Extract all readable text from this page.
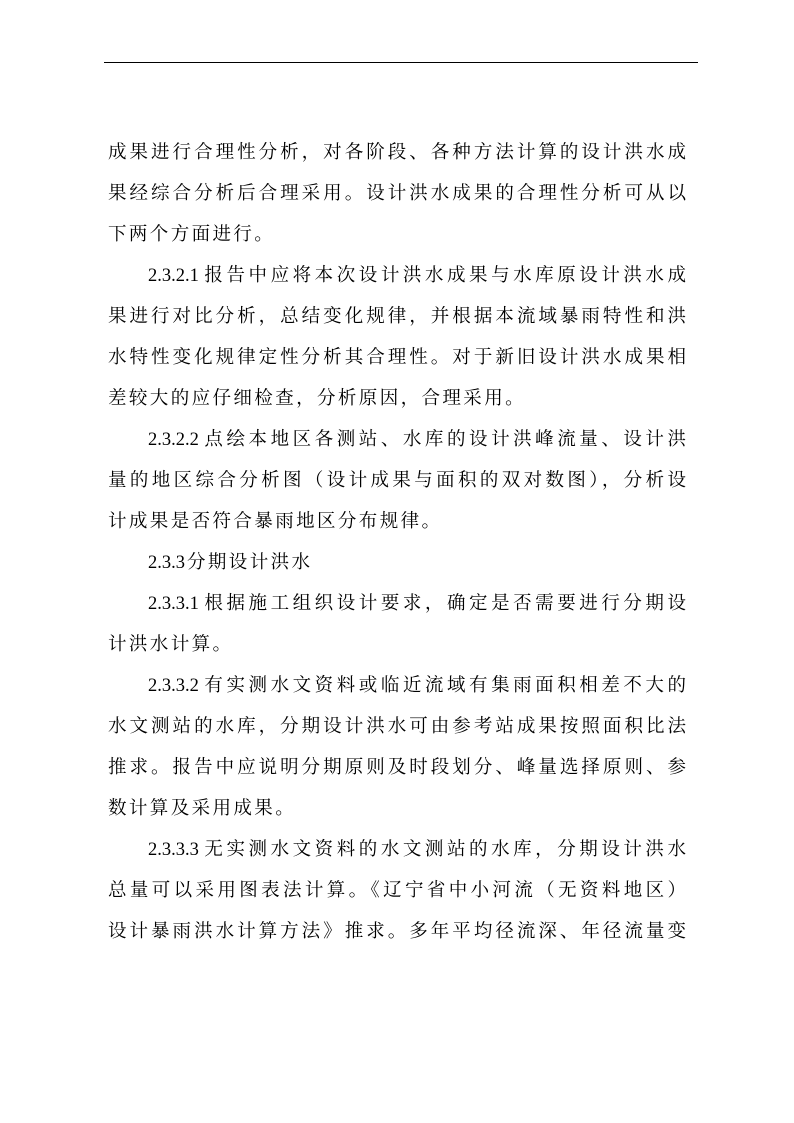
成果进行合理性分析，对各阶段、各种方法计算的设计洪水成
果经综合分析后合理采用。设计洪水成果的合理性分析可从以
下两个方面进行。
2.3.2.1 报告中应将本次设计洪水成果与水库原设计洪水成
果进行对比分析，总结变化规律，并根据本流域暴雨特性和洪
水特性变化规律定性分析其合理性。对于新旧设计洪水成果相
差较大的应仔细检查，分析原因，合理采用。
2.3.2.2 点绘本地区各测站、水库的设计洪峰流量、设计洪
量的地区综合分析图（设计成果与面积的双对数图），分析设
计成果是否符合暴雨地区分布规律。
2.3.3 分期设计洪水
2.3.3.1 根据施工组织设计要求，确定是否需要进行分期设
计洪水计算。
2.3.3.2 有实测水文资料或临近流域有集雨面积相差不大的
水文测站的水库，分期设计洪水可由参考站成果按照面积比法
推求。报告中应说明分期原则及时段划分、峰量选择原则、参
数计算及采用成果。
2.3.3.3 无实测水文资料的水文测站的水库，分期设计洪水
总量可以采用图表法计算。《辽宁省中小河流（无资料地区）
设计暴雨洪水计算方法》推求。多年平均径流深、年径流量变
